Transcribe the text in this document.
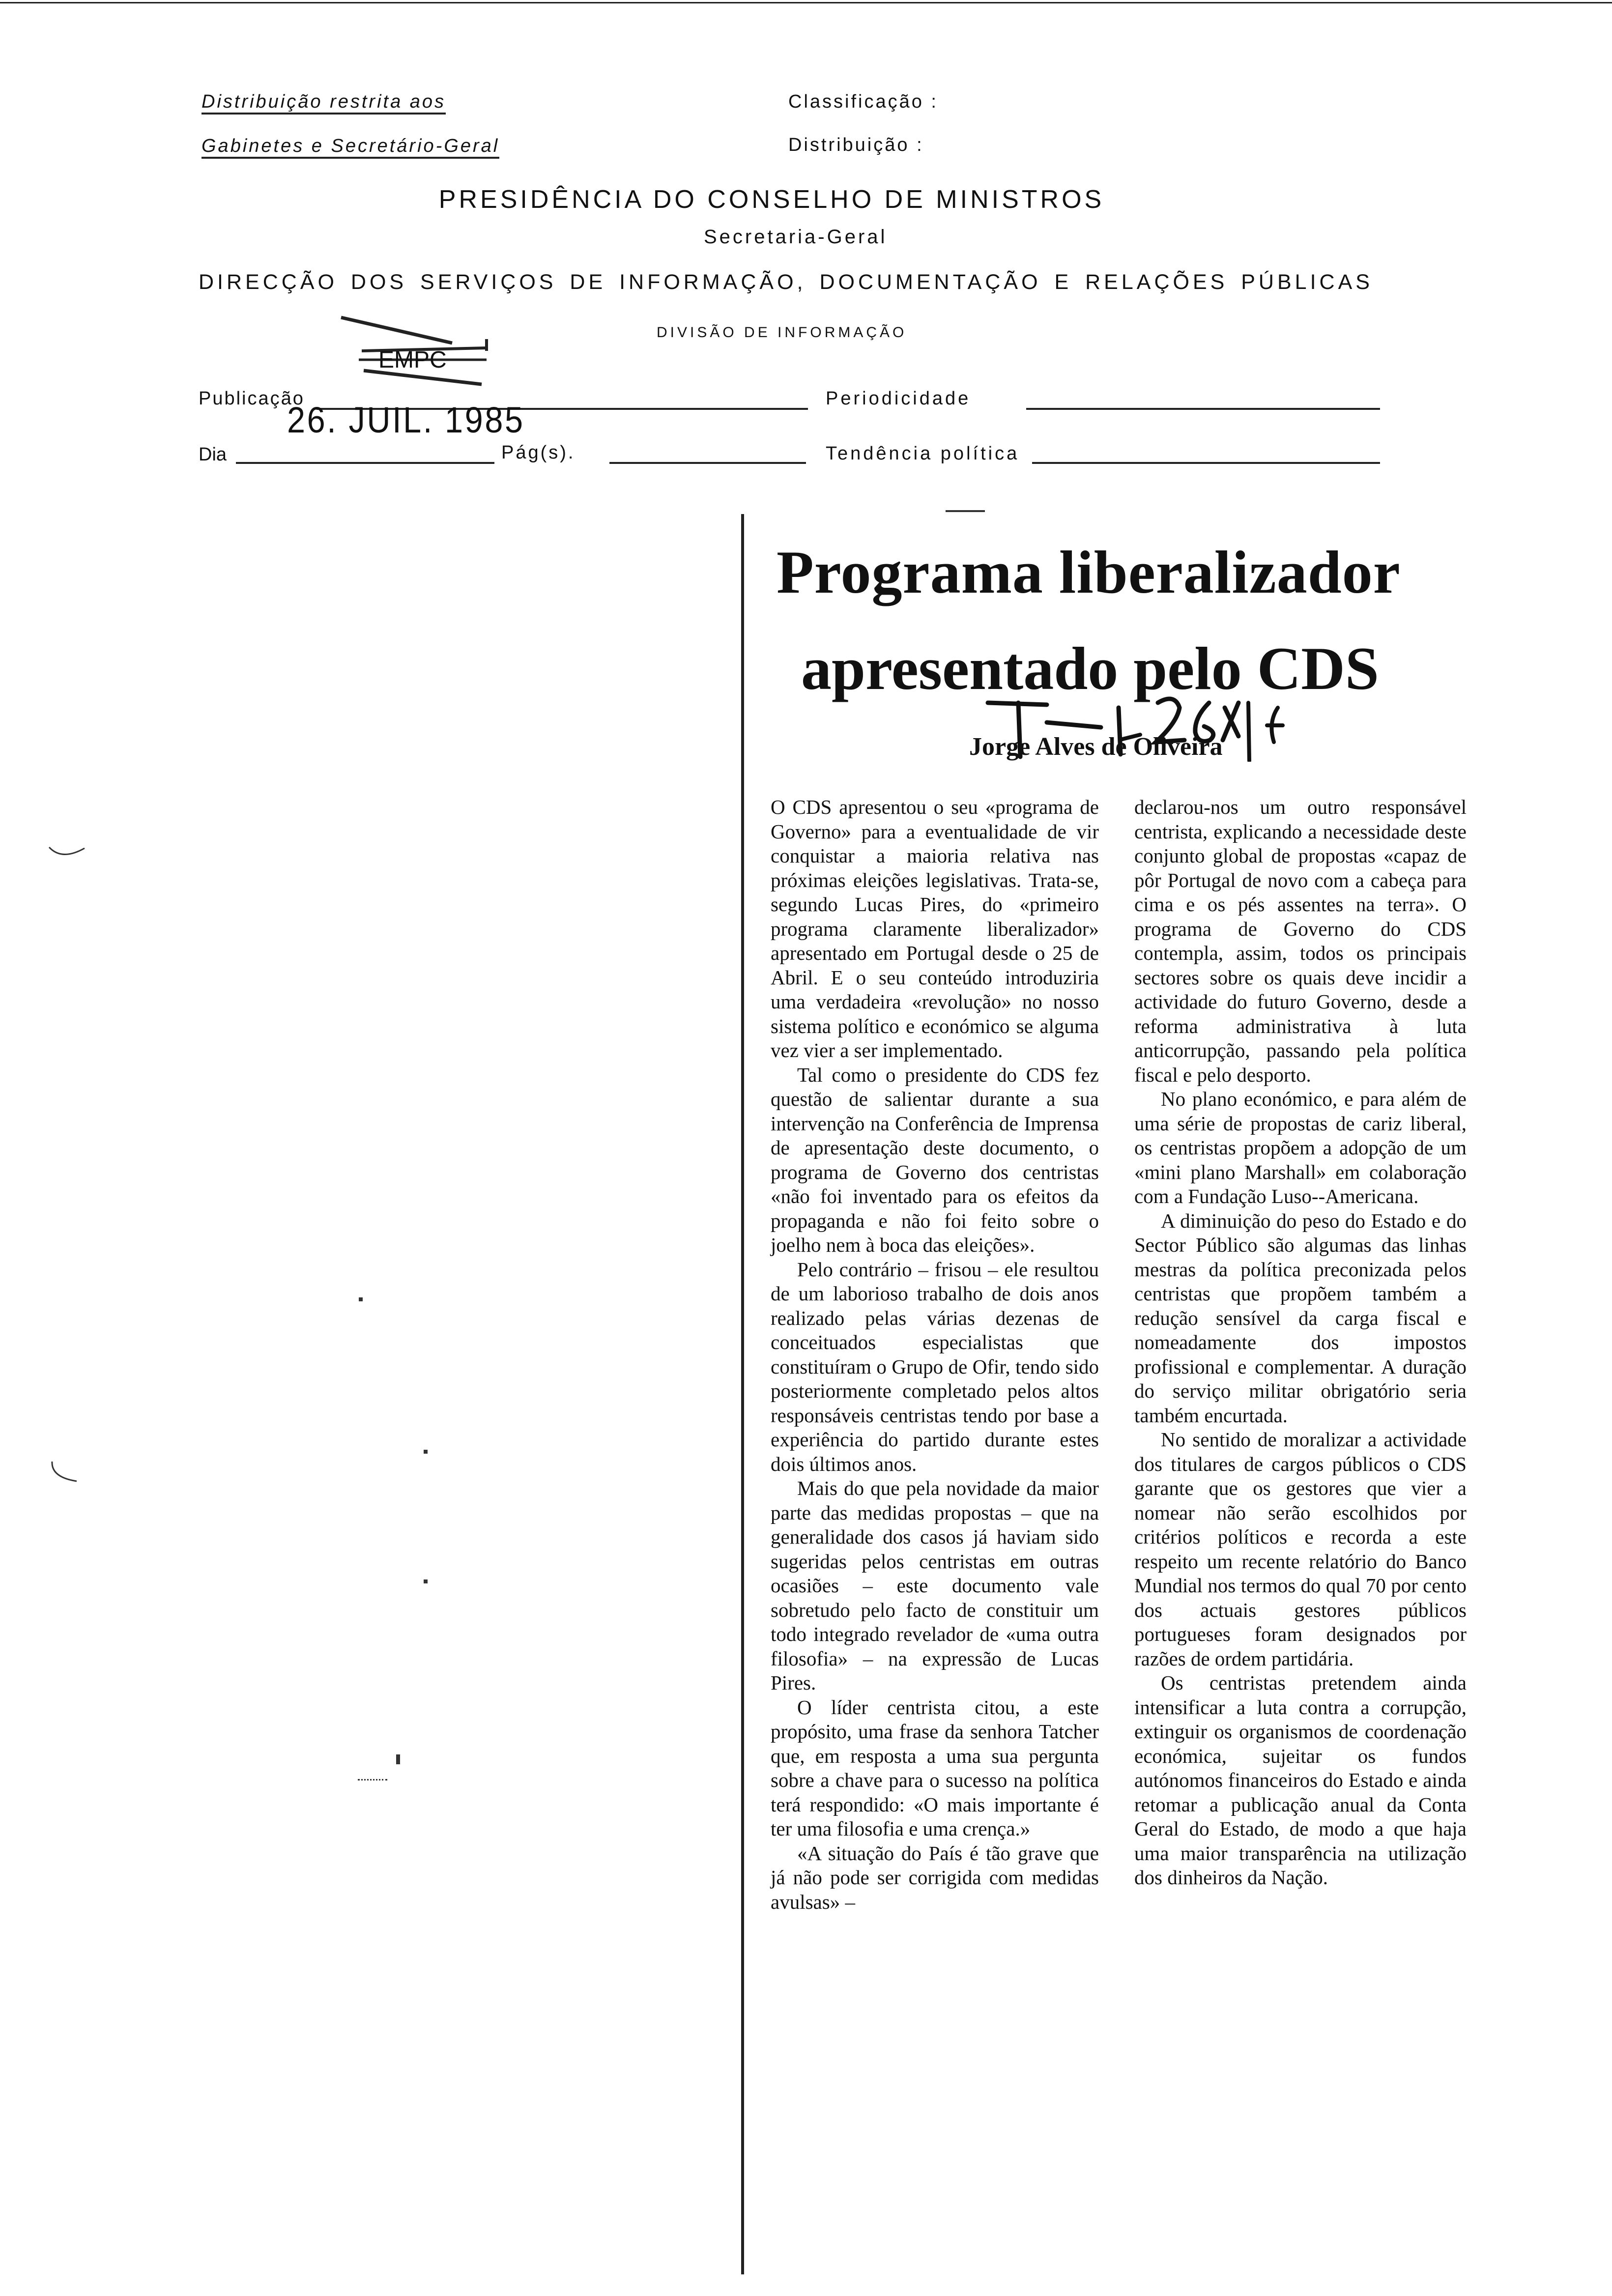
Distribuição restrita aos
Gabinetes e Secretário-Geral
Classificação :
Distribuição :
PRESIDÊNCIA DO CONSELHO DE MINISTROS
Secretaria-Geral
DIRECÇÃO DOS SERVIÇOS DE INFORMAÇÃO, DOCUMENTAÇÃO E RELAÇÕES PÚBLICAS
DIVISÃO DE INFORMAÇÃO
EMPC
Publicação	Periodicidade
Dia
26. JUIL. 1985
Pág(s).	Tendência política
Programa liberalizador
apresentado pelo CDS
Jorge Alves de Oliveira

O CDS apresentou o seu «programa de Governo» para a eventualidade de vir conquistar a maioria relativa nas próximas eleições legislativas. Trata-se, segundo Lucas Pires, do «primeiro programa claramente liberalizador» apresentado em Portugal desde o 25 de Abril. E o seu conteúdo introduziria uma verdadeira «revolução» no nosso sistema político e económico se alguma vez vier a ser implementado.

Tal como o presidente do CDS fez questão de salientar durante a sua intervenção na Conferência de Imprensa de apresentação deste documento, o programa de Governo dos centristas «não foi inventado para os efeitos da propaganda e não foi feito sobre o joelho nem à boca das eleições».

Pelo contrário – frisou – ele resultou de um laborioso trabalho de dois anos realizado pelas várias dezenas de conceituados especialistas que constituíram o Grupo de Ofir, tendo sido posteriormente completado pelos altos responsáveis centristas tendo por base a experiência do partido durante estes dois últimos anos.

Mais do que pela novidade da maior parte das medidas propostas – que na generalidade dos casos já haviam sido sugeridas pelos centristas em outras ocasiões – este documento vale sobretudo pelo facto de constituir um todo integrado revelador de «uma outra filosofia» – na expressão de Lucas Pires.

O líder centrista citou, a este propósito, uma frase da senhora Tatcher que, em resposta a uma sua pergunta sobre a chave para o sucesso na política terá respondido: «O mais importante é ter uma filosofia e uma crença.»

«A situação do País é tão grave que já não pode ser corrigida com medidas avulsas» –

declarou-nos um outro responsável centrista, explicando a necessidade deste conjunto global de propostas «capaz de pôr Portugal de novo com a cabeça para cima e os pés assentes na terra». O programa de Governo do CDS contempla, assim, todos os principais sectores sobre os quais deve incidir a actividade do futuro Governo, desde a reforma administrativa à luta anticorrupção, passando pela política fiscal e pelo desporto.

No plano económico, e para além de uma série de propostas de cariz liberal, os centristas propõem a adopção de um «mini plano Marshall» em colaboração com a Fundação Luso--Americana.

A diminuição do peso do Estado e do Sector Público são algumas das linhas mestras da política preconizada pelos centristas que propõem também a redução sensível da carga fiscal e nomeadamente dos impostos profissional e complementar. A duração do serviço militar obrigatório seria também encurtada.

No sentido de moralizar a actividade dos titulares de cargos públicos o CDS garante que os gestores que vier a nomear não serão escolhidos por critérios políticos e recorda a este respeito um recente relatório do Banco Mundial nos termos do qual 70 por cento dos actuais gestores públicos portugueses foram designados por razões de ordem partidária.

Os centristas pretendem ainda intensificar a luta contra a corrupção, extinguir os organismos de coordenação económica, sujeitar os fundos autónomos financeiros do Estado e ainda retomar a publicação anual da Conta Geral do Estado, de modo a que haja uma maior transparência na utilização dos dinheiros da Nação.
